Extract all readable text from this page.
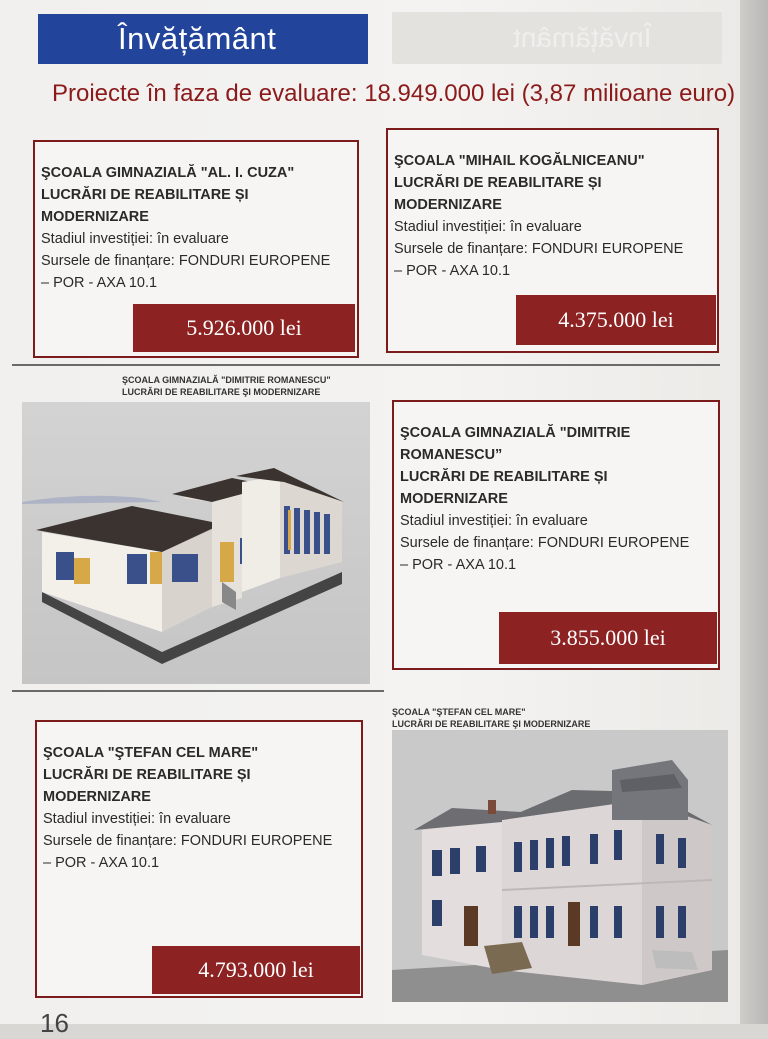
Învățământ
Învățământ
Proiecte în faza de evaluare: 18.949.000 lei (3,87 milioane euro)
ŞCOALA GIMNAZIALĂ "AL. I. CUZA"
LUCRĂRI DE REABILITARE ȘI
MODERNIZARE
Stadiul investiției: în evaluare
Sursele de finanțare: FONDURI EUROPENE
– POR - AXA 10.1
5.926.000 lei
ŞCOALA "MIHAIL KOGĂLNICEANU"
LUCRĂRI DE REABILITARE ȘI
MODERNIZARE
Stadiul investiției: în evaluare
Sursele de finanțare: FONDURI EUROPENE
– POR - AXA 10.1
4.375.000 lei
ŞCOALA GIMNAZIALĂ "DIMITRIE ROMANESCU"
LUCRĂRI DE REABILITARE ŞI MODERNIZARE
ŞCOALA GIMNAZIALĂ "DIMITRIE
ROMANESCU”
LUCRĂRI DE REABILITARE ȘI
MODERNIZARE
Stadiul investiției: în evaluare
Sursele de finanțare: FONDURI EUROPENE
– POR - AXA 10.1
3.855.000 lei
ŞCOALA "ŞTEFAN CEL MARE"
LUCRĂRI DE REABILITARE ȘI
MODERNIZARE
Stadiul investiției: în evaluare
Sursele de finanțare: FONDURI EUROPENE
– POR - AXA 10.1
4.793.000 lei
ŞCOALA "ŞTEFAN CEL MARE"
LUCRĂRI DE REABILITARE ŞI MODERNIZARE
16
